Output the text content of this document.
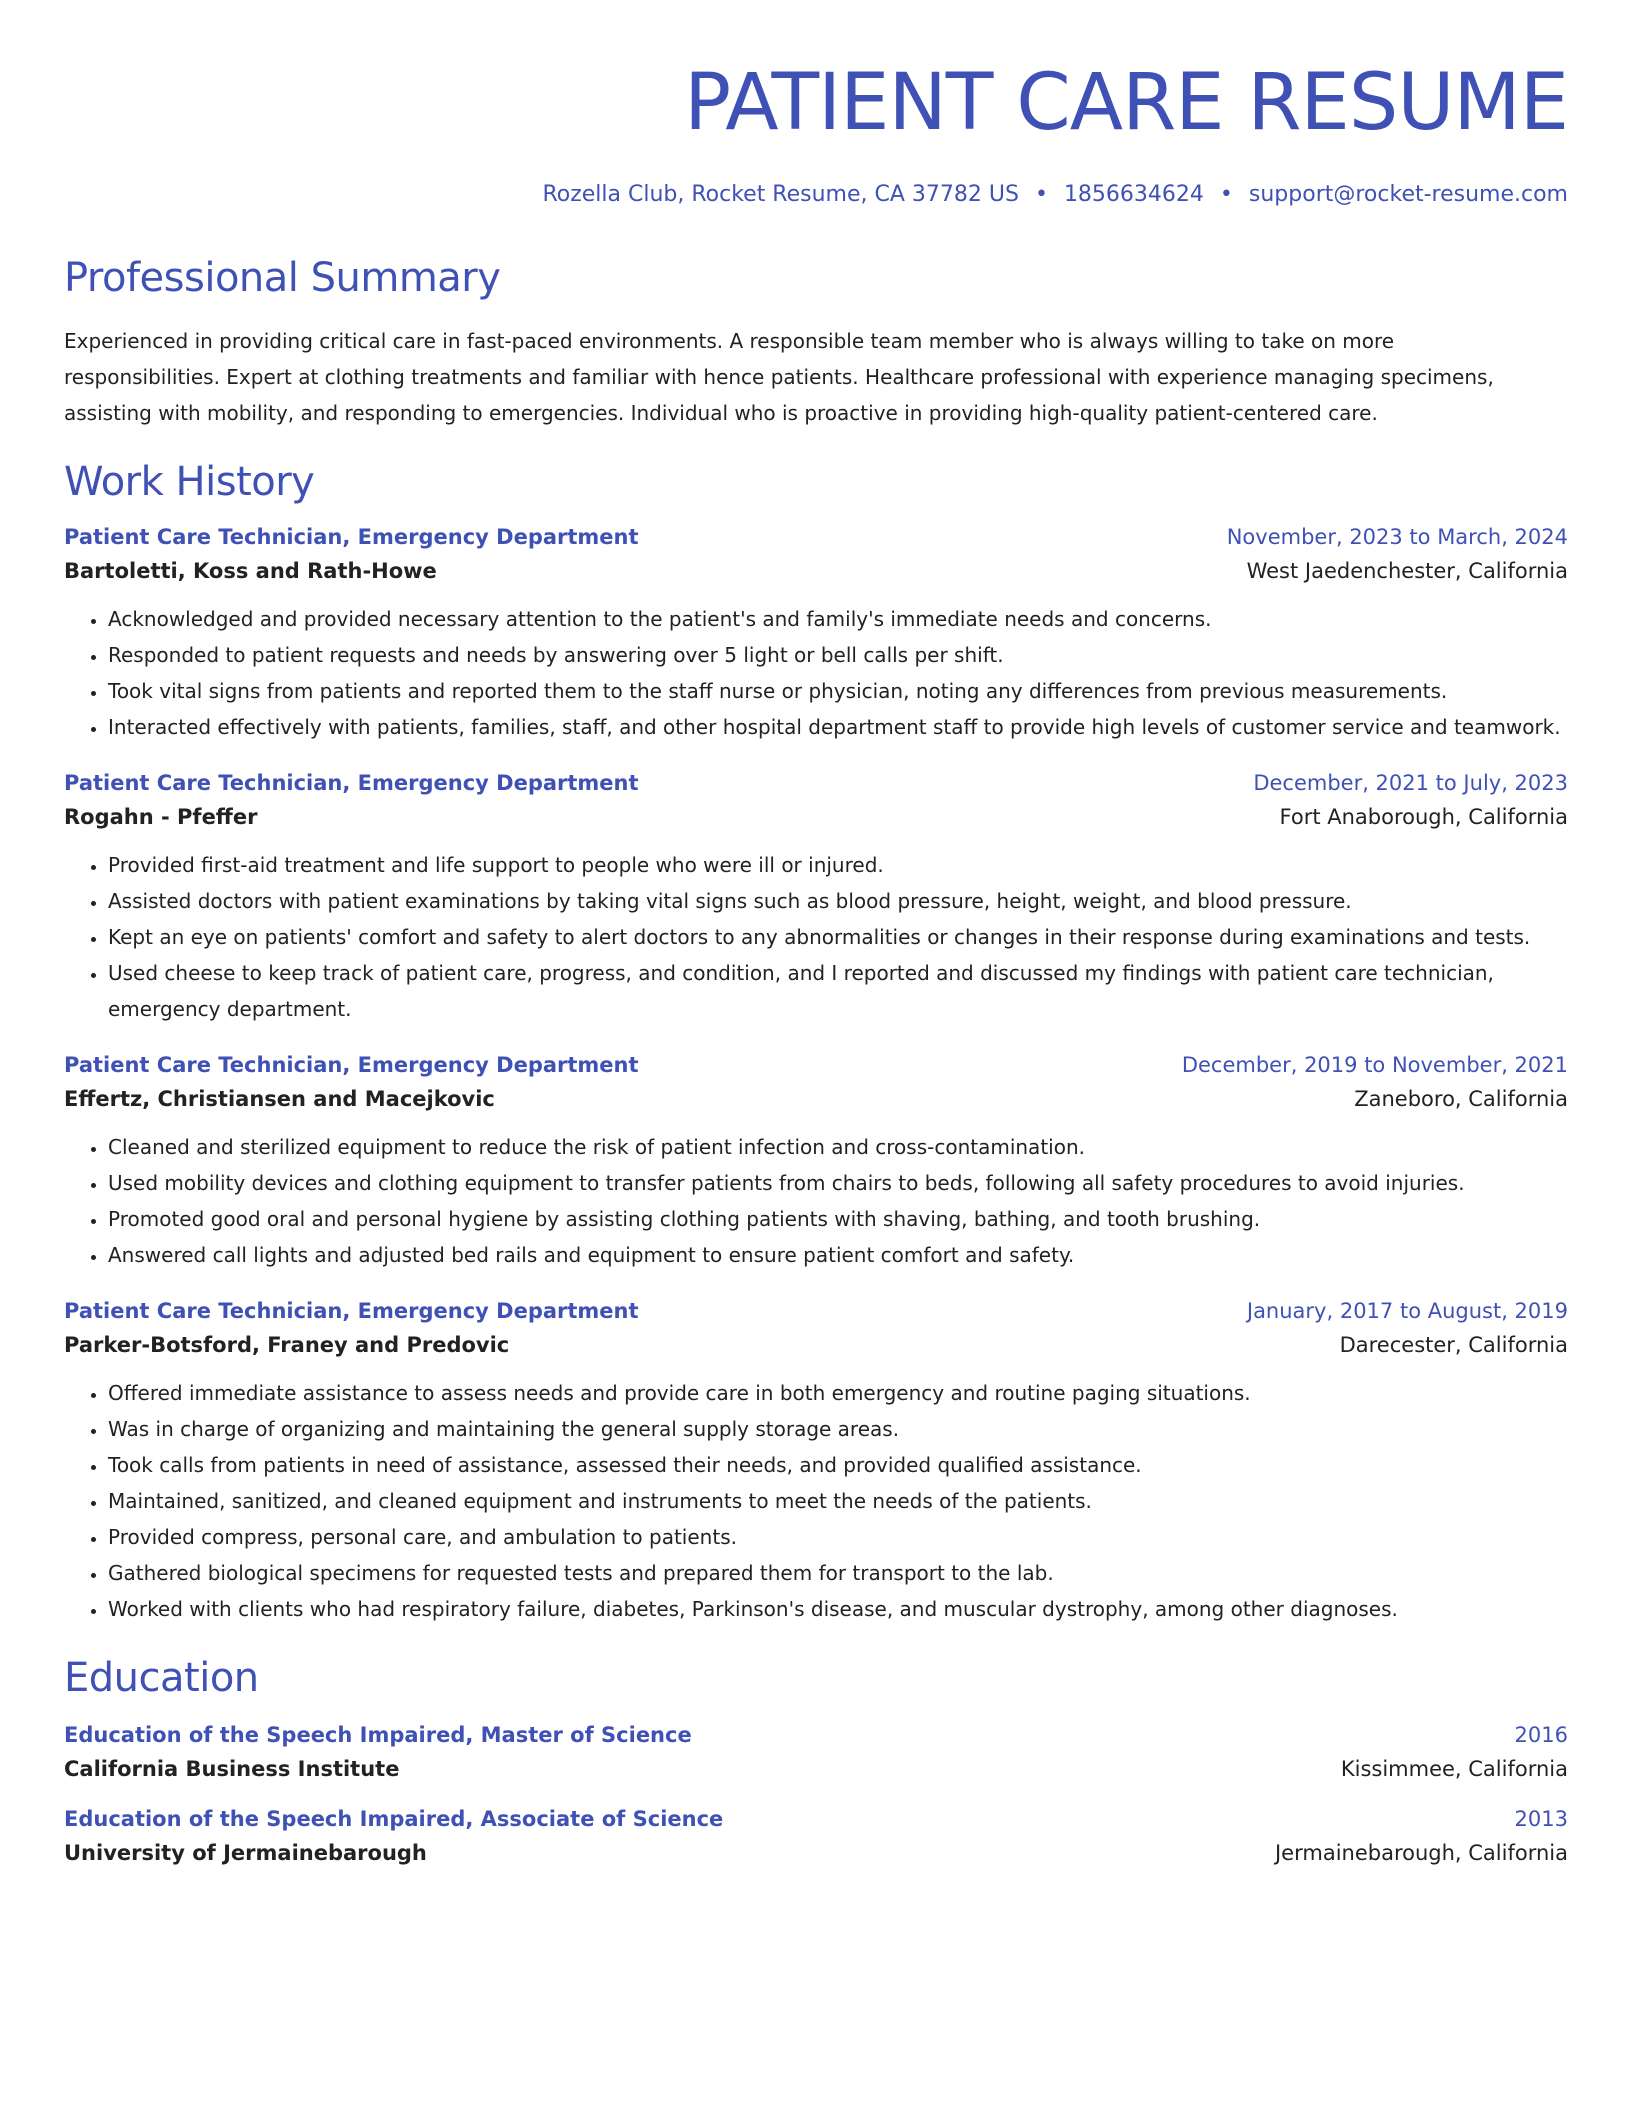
PATIENT CARE RESUME
Rozella Club, Rocket Resume, CA 37782 US • 1856634624 • support@rocket-resume.com
Professional Summary

Experienced in providing critical care in fast-paced environments. A responsible team member who is always willing to take on more responsibilities. Expert at clothing treatments and familiar with hence patients. Healthcare professional with experience managing specimens, assisting with mobility, and responding to emergencies. Individual who is proactive in providing high-quality patient-centered care.

Work History
Patient Care Technician, Emergency Department	November, 2023 to March, 2024
Bartoletti, Koss and Rath-Howe	West Jaedenchester, California
• Acknowledged and provided necessary attention to the patient's and family's immediate needs and concerns.
• Responded to patient requests and needs by answering over 5 light or bell calls per shift.
• Took vital signs from patients and reported them to the staff nurse or physician, noting any differences from previous measurements.
• Interacted effectively with patients, families, staff, and other hospital department staff to provide high levels of customer service and teamwork.
Patient Care Technician, Emergency Department	December, 2021 to July, 2023
Rogahn - Pfeffer	Fort Anaborough, California
• Provided first-aid treatment and life support to people who were ill or injured.
• Assisted doctors with patient examinations by taking vital signs such as blood pressure, height, weight, and blood pressure.
• Kept an eye on patients' comfort and safety to alert doctors to any abnormalities or changes in their response during examinations and tests.
• Used cheese to keep track of patient care, progress, and condition, and I reported and discussed my findings with patient care technician, emergency department.
Patient Care Technician, Emergency Department	December, 2019 to November, 2021
Effertz, Christiansen and Macejkovic	Zaneboro, California
• Cleaned and sterilized equipment to reduce the risk of patient infection and cross-contamination.
• Used mobility devices and clothing equipment to transfer patients from chairs to beds, following all safety procedures to avoid injuries.
• Promoted good oral and personal hygiene by assisting clothing patients with shaving, bathing, and tooth brushing.
• Answered call lights and adjusted bed rails and equipment to ensure patient comfort and safety.
Patient Care Technician, Emergency Department	January, 2017 to August, 2019
Parker-Botsford, Franey and Predovic	Darecester, California
• Offered immediate assistance to assess needs and provide care in both emergency and routine paging situations.
• Was in charge of organizing and maintaining the general supply storage areas.
• Took calls from patients in need of assistance, assessed their needs, and provided qualified assistance.
• Maintained, sanitized, and cleaned equipment and instruments to meet the needs of the patients.
• Provided compress, personal care, and ambulation to patients.
• Gathered biological specimens for requested tests and prepared them for transport to the lab.
• Worked with clients who had respiratory failure, diabetes, Parkinson's disease, and muscular dystrophy, among other diagnoses.
Education
Education of the Speech Impaired, Master of Science	2016
California Business Institute	Kissimmee, California
Education of the Speech Impaired, Associate of Science	2013
University of Jermainebarough	Jermainebarough, California
